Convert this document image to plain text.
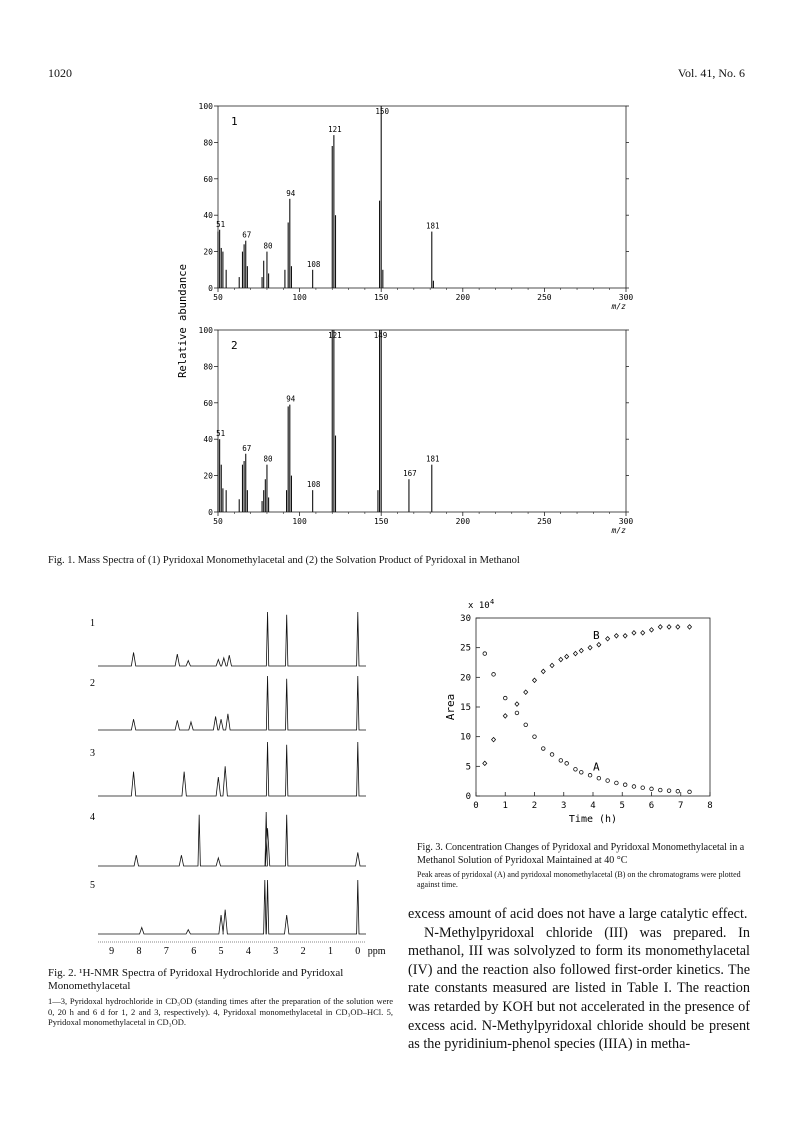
1020	Vol. 41, No. 6
0
20
40
60
80
100
50	100	150	200	250	300
m/z
1
51
67
80
94
108
121
150
181
0
20
40
60
80
100
50	100	150	200	250	300
m/z
2
51
67
80
94
108
121	149
167
181
Relative abundance
Fig. 1. Mass Spectra of (1) Pyridoxal Monomethylacetal and (2) the Solvation Product of Pyridoxal in Methanol
1
2
3
4
5
9 8 7 6 5 4 3 2 1 0 ppm
Fig. 2. ¹H-NMR Spectra of Pyridoxal Hydrochloride and Pyridoxal Monomethylacetal
1—3, Pyridoxal hydrochloride in CD₃OD (standing times after the preparation of the solution were 0, 20 h and 6 d for 1, 2 and 3, respectively). 4, Pyridoxal monomethylacetal in CD₃OD–HCl. 5, Pyridoxal monomethylacetal in CD₃OD.
0
5
10
15
20
25
30
0	1	2	3	4	5	6	7	8
x 10 4
Time (h)
Area
A
B
Fig. 3. Concentration Changes of Pyridoxal and Pyridoxal Monomethylacetal in a Methanol Solution of Pyridoxal Maintained at 40 °C
Peak areas of pyridoxal (A) and pyridoxal monomethylacetal (B) on the chromatograms were plotted against time.

excess amount of acid does not have a large catalytic effect.

N-Methylpyridoxal chloride (III) was prepared. In methanol, III was solvolyzed to form its monomethylacetal (IV) and the reaction also followed first-order kinetics. The rate constants measured are listed in Table I. The reaction was retarded by KOH but not accelerated in the presence of excess acid. N-Methylpyridoxal chloride should be present as the pyridinium-phenol species (IIIA) in metha-
